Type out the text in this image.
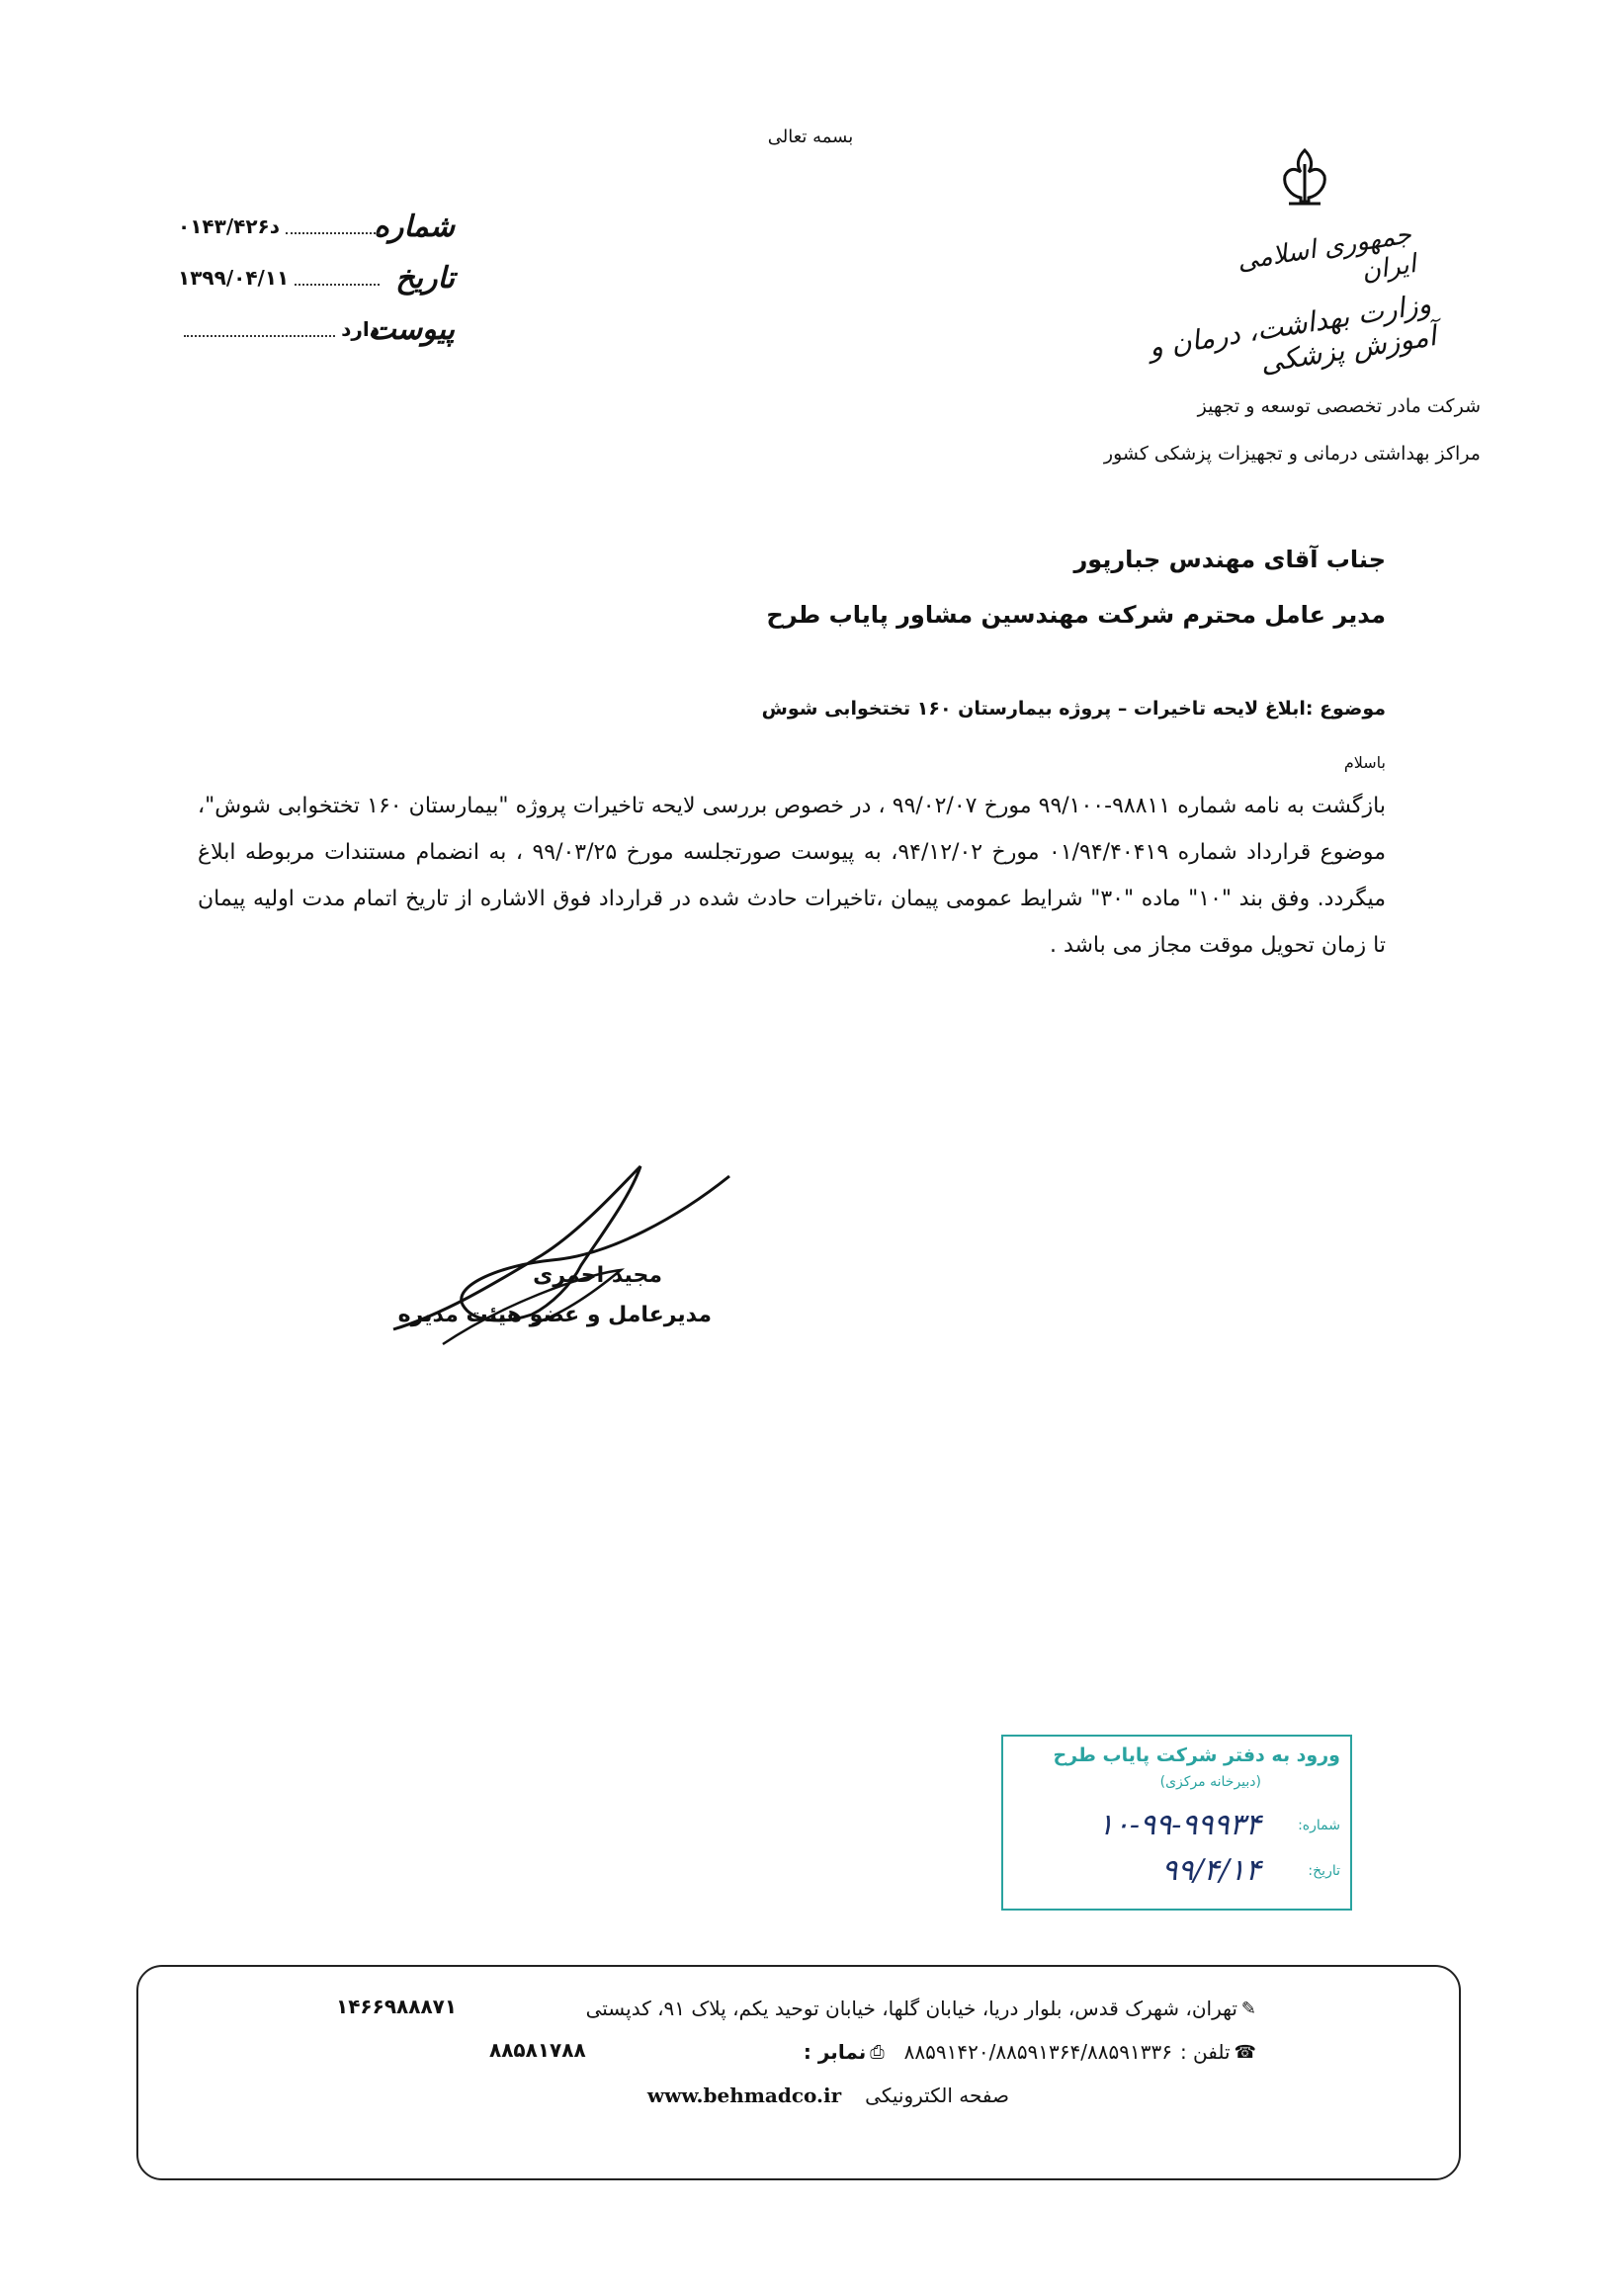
بسمه تعالی
جمهوری اسلامی ایران
وزارت بهداشت، درمان و آموزش پزشکی
شرکت مادر تخصصی توسعه و تجهیز
مراکز بهداشتی درمانی و تجهیزات پزشکی کشور
شماره
۰۱۴۳/۴۲۶د
تاریخ
۱۳۹۹/۰۴/۱۱
پیوست
دارد
جناب آقای مهندس جبارپور
مدیر عامل محترم شرکت مهندسین مشاور پایاب طرح
موضوع :ابلاغ لایحه تاخیرات – پروژه بیمارستان ۱۶۰ تختخوابی شوش
باسلام
بازگشت به نامه شماره ۹۸۸۱۱-۹۹/۱۰۰ مورخ ۹۹/۰۲/۰۷ ، در خصوص بررسی لایحه تاخیرات پروژه "بیمارستان ۱۶۰ تختخوابی شوش"، موضوع قرارداد شماره ۰۱/۹۴/۴۰۴۱۹ مورخ ۹۴/۱۲/۰۲، به پیوست صورتجلسه مورخ ۹۹/۰۳/۲۵ ، به انضمام مستندات مربوطه ابلاغ میگردد. وفق بند "۱۰" ماده "۳۰" شرایط عمومی پیمان ،تاخیرات حادث شده در قرارداد فوق الاشاره از تاریخ اتمام مدت اولیه پیمان تا زمان تحویل موقت مجاز می باشد .
مجید احمری
مدیرعامل و عضو هیئت مدیره
ورود به دفتر شرکت پایاب طرح
(دبیرخانه مرکزی)
شماره:
۱۰-۹۹-۹۹۹۳۴
تاریخ:
۹۹/۴/۱۴
✎
تهران، شهرک قدس، بلوار دریا، خیابان گلها، خیابان توحید یکم، پلاک ۹۱، کدپستی
۱۴۶۶۹۸۸۸۷۱
☎
تلفن :
۸۸۵۹۱۴۲۰/۸۸۵۹۱۳۶۴/۸۸۵۹۱۳۳۶
⎙
نمابر :
۸۸۵۸۱۷۸۸
صفحه الکترونیکی
www.behmadco.ir
